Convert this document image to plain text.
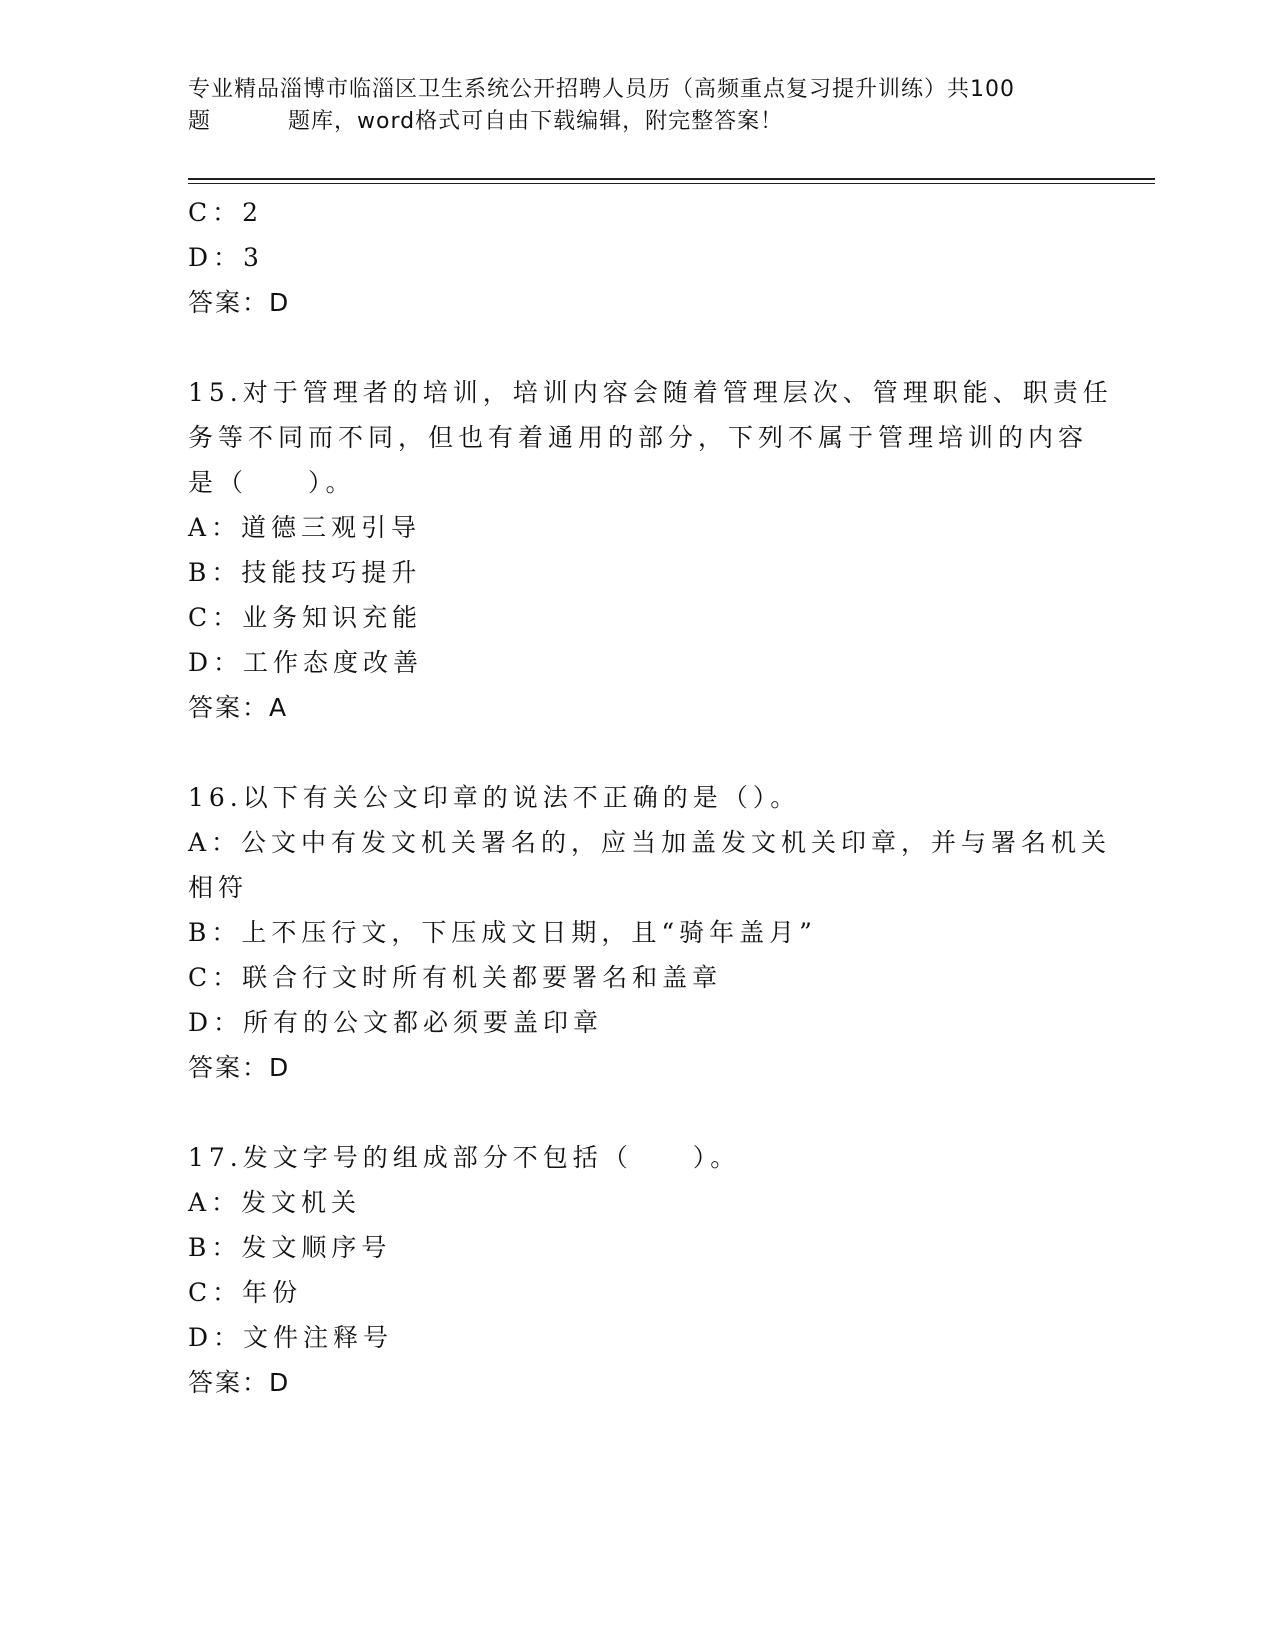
专业精品淄博市临淄区卫生系统公开招聘人员历（高频重点复习提升训练）共100
题	题库，word格式可自由下载编辑，附完整答案！
C：2
D：3
答案：D
15.对于管理者的培训，培训内容会随着管理层次、管理职能、职责任
务等不同而不同，但也有着通用的部分，下列不属于管理培训的内容
是（　　）。
A：道德三观引导
B：技能技巧提升
C：业务知识充能
D：工作态度改善
答案：A
16.以下有关公文印章的说法不正确的是（）。
A：公文中有发文机关署名的，应当加盖发文机关印章，并与署名机关
相符
B：上不压行文，下压成文日期，且“骑年盖月”
C：联合行文时所有机关都要署名和盖章
D：所有的公文都必须要盖印章
答案：D
17.发文字号的组成部分不包括（　　）。
A：发文机关
B：发文顺序号
C：年份
D：文件注释号
答案：D
